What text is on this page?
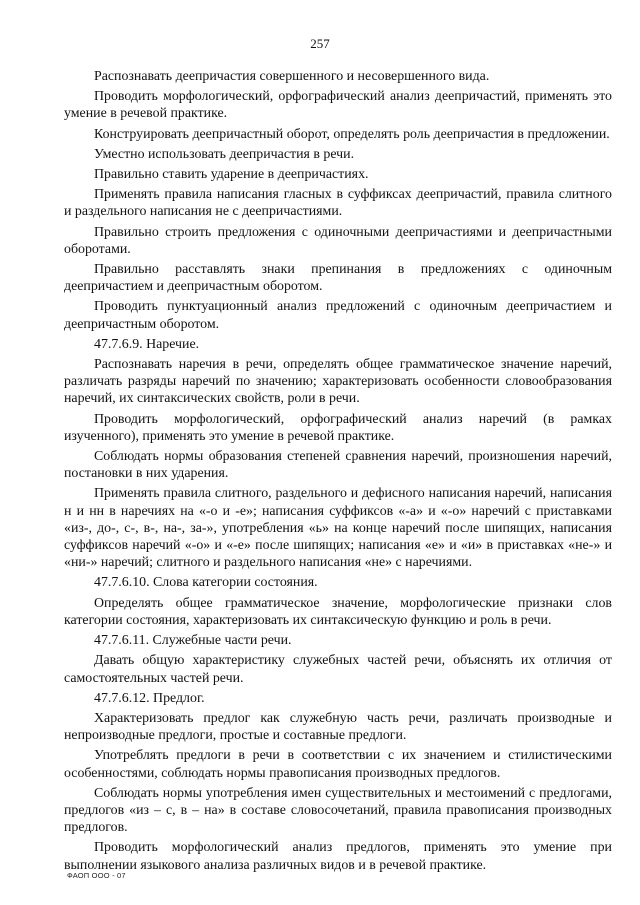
257

Распознавать деепричастия совершенного и несовершенного вида.

Проводить морфологический, орфографический анализ деепричастий, применять это умение в речевой практике.

Конструировать деепричастный оборот, определять роль деепричастия в предложении.

Уместно использовать деепричастия в речи.

Правильно ставить ударение в деепричастиях.

Применять правила написания гласных в суффиксах деепричастий, правила слитного и раздельного написания не с деепричастиями.

Правильно строить предложения с одиночными деепричастиями и деепричастными оборотами.

Правильно расставлять знаки препинания в предложениях с одиночным деепричастием и деепричастным оборотом.

Проводить пунктуационный анализ предложений с одиночным деепричастием и деепричастным оборотом.

47.7.6.9. Наречие.

Распознавать наречия в речи, определять общее грамматическое значение наречий, различать разряды наречий по значению; характеризовать особенности словообразования наречий, их синтаксических свойств, роли в речи.

Проводить морфологический, орфографический анализ наречий (в рамках изученного), применять это умение в речевой практике.

Соблюдать нормы образования степеней сравнения наречий, произношения наречий, постановки в них ударения.

Применять правила слитного, раздельного и дефисного написания наречий, написания н и нн в наречиях на «-о и -е»; написания суффиксов «-а» и «-о» наречий с приставками «из-, до-, с-, в-, на-, за-», употребления «ь» на конце наречий после шипящих, написания суффиксов наречий «-о» и «-е» после шипящих; написания «е» и «и» в приставках «не-» и «ни-» наречий; слитного и раздельного написания «не» с наречиями.

47.7.6.10. Слова категории состояния.

Определять общее грамматическое значение, морфологические признаки слов категории состояния, характеризовать их синтаксическую функцию и роль в речи.

47.7.6.11. Служебные части речи.

Давать общую характеристику служебных частей речи, объяснять их отличия от самостоятельных частей речи.

47.7.6.12. Предлог.

Характеризовать предлог как служебную часть речи, различать производные и непроизводные предлоги, простые и составные предлоги.

Употреблять предлоги в речи в соответствии с их значением и стилистическими особенностями, соблюдать нормы правописания производных предлогов.

Соблюдать нормы употребления имен существительных и местоимений с предлогами, предлогов «из – с, в – на» в составе словосочетаний, правила правописания производных предлогов.

Проводить морфологический анализ предлогов, применять это умение при выполнении языкового анализа различных видов и в речевой практике.

ФАОП ООО - 07
